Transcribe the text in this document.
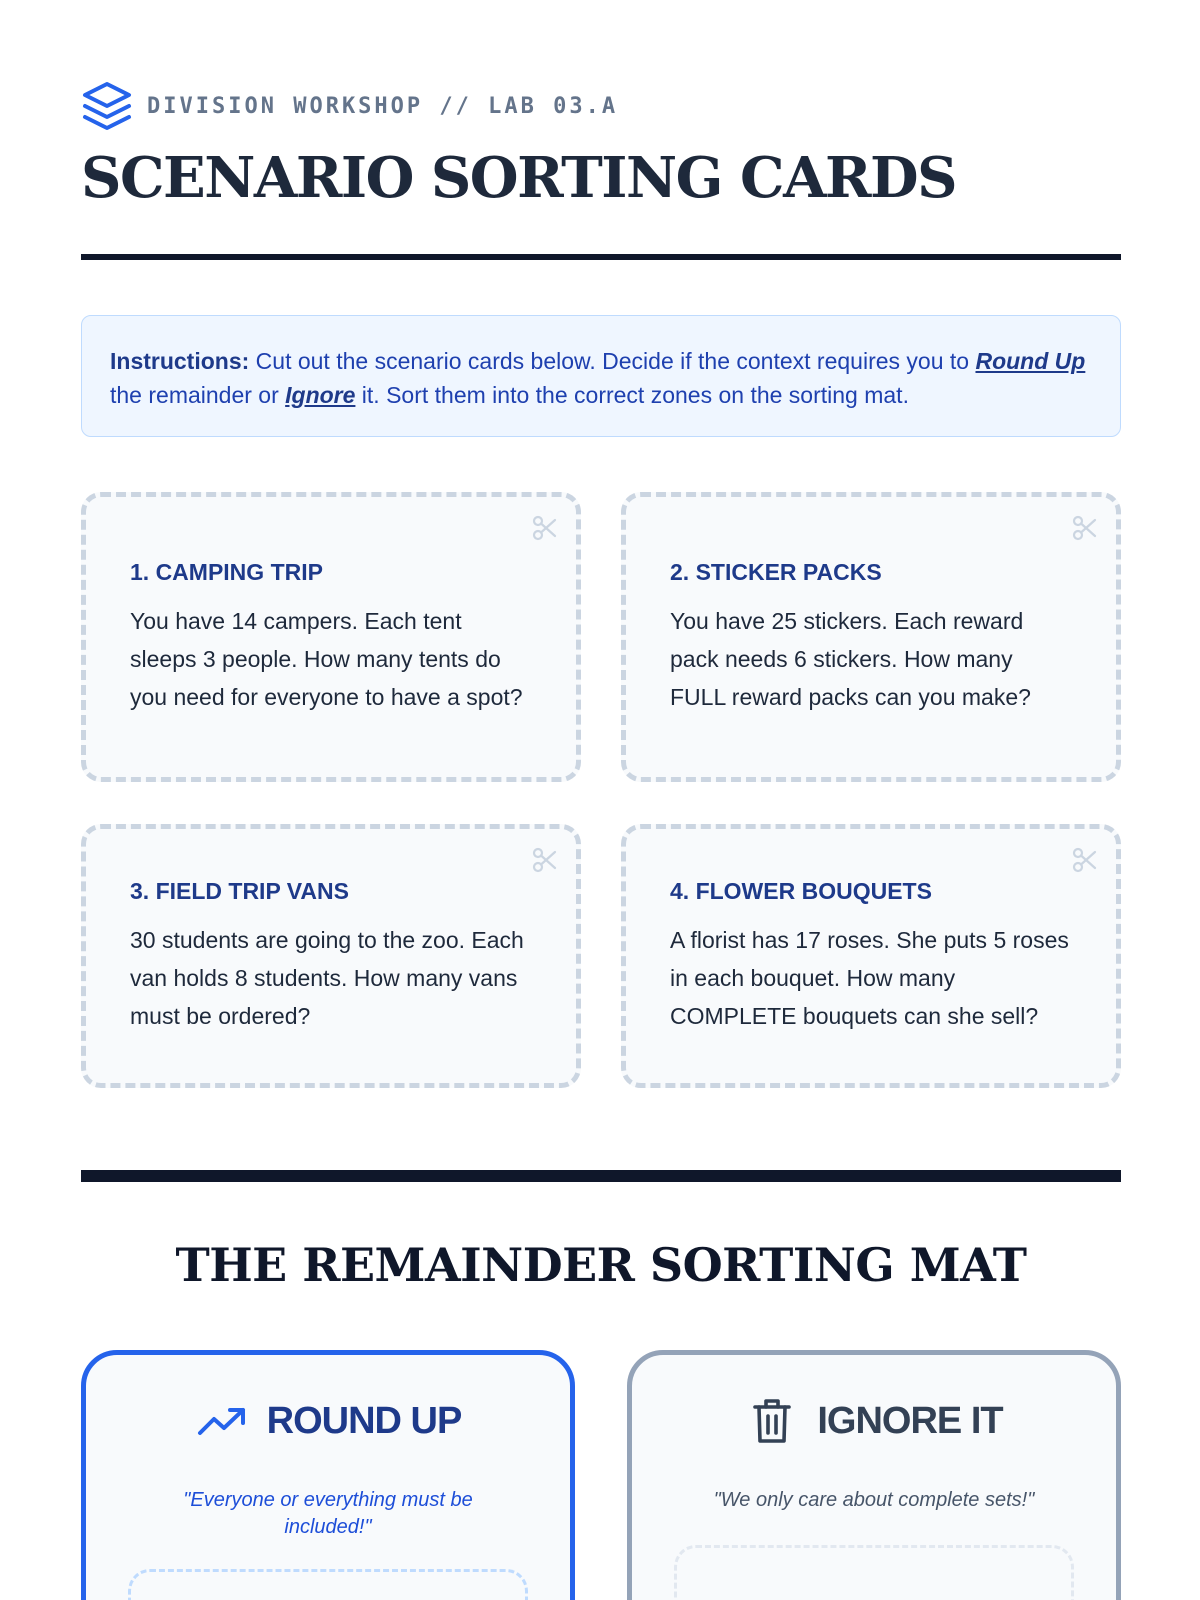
DIVISION WORKSHOP // LAB 03.A
SCENARIO SORTING CARDS
Instructions: Cut out the scenario cards below. Decide if the context requires you to Round Up the remainder or Ignore it. Sort them into the correct zones on the sorting mat.
1. CAMPING TRIP
You have 14 campers. Each tent sleeps 3 people. How many tents do you need for everyone to have a spot?
2. STICKER PACKS
You have 25 stickers. Each reward pack needs 6 stickers. How many FULL reward packs can you make?
3. FIELD TRIP VANS
30 students are going to the zoo. Each van holds 8 students. How many vans must be ordered?
4. FLOWER BOUQUETS
A florist has 17 roses. She puts 5 roses in each bouquet. How many COMPLETE bouquets can she sell?
THE REMAINDER SORTING MAT
ROUND UP
"Everyone or everything must be included!"
IGNORE IT
"We only care about complete sets!"
